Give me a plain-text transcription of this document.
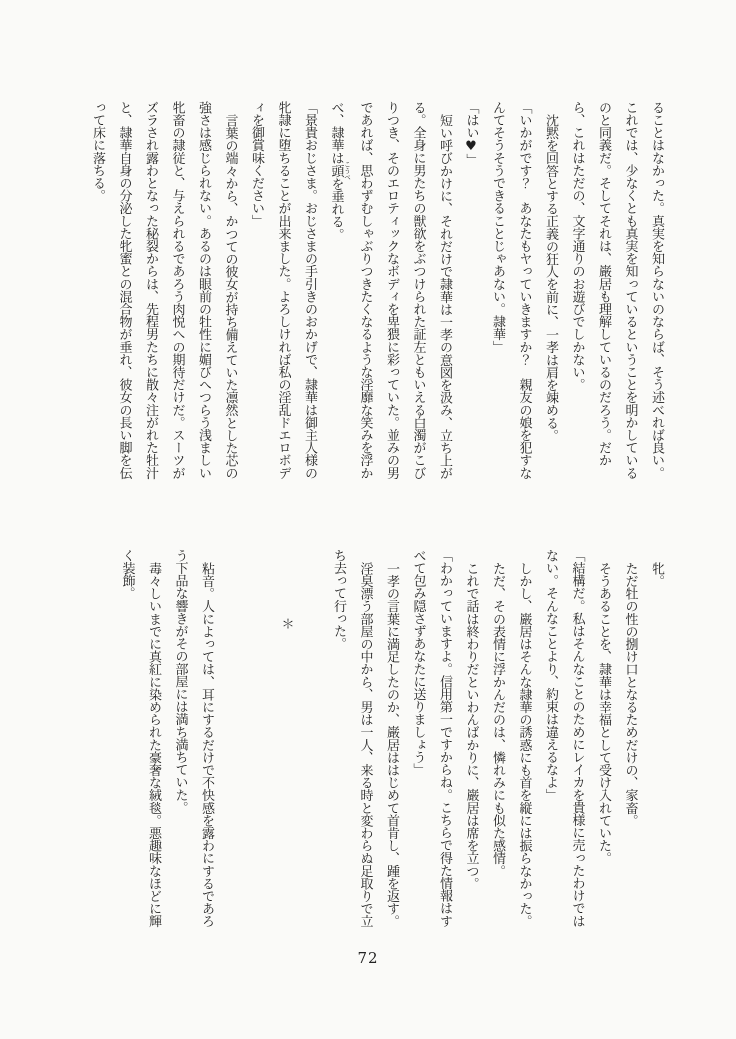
ることはなかった。真実を知らないのならば、そう述べれば良い。

これでは、少なくとも真実を知っているということを明かしている

のと同義だ。そしてそれは、巌居も理解しているのだろう。だか

ら、これはただの、文字通りのお遊びでしかない。

沈黙を回答とする正義の狂人を前に、一孝は肩を竦める。

「いかがです？　あなたもヤっていきますか？　親友の娘を犯すな

んてそうそうできることじゃあない。隷華」

「はい♥」

短い呼びかけに、それだけで隷華は一孝の意図を汲み、立ち上が

る。全身に男たちの獣欲をぶつけられた証左ともいえる白濁がこび

りつき、そのエロティックなボディを卑猥に彩っていた。並みの男

であれば、思わずむしゃぶりつきたくなるような淫靡な笑みを浮か

べ、隷華は頭 こうべを垂れる。

「景貴おじさま。おじさまの手引きのおかげで、隷華は御主人様の

牝隷に堕ちることが出来ました。よろしければ私の淫乱ドエロボデ

ィを御賞味ください」

言葉の端々から、かつての彼女が持ち備えていた凛然とした芯の

強さは感じられない。あるのは眼前の牡性に媚びへつらう浅ましい

牝畜の隷従と、与えられるであろう肉悦への期待だけだ。スーツが

ズラされ露わとなった秘裂からは、先程男たちに散々注がれた牡汁

と、隷華自身の分泌した牝蜜との混合物が垂れ、彼女の長い脚を伝

って床に落ちる。

牝。

ただ牡の性の捌け口となるためだけの、家畜。

そうあることを、隷華は幸福として受け入れていた。

「結構だ。私はそんなことのためにレイカを貴様に売ったわけでは

ない。そんなことより、約束は違えるなよ」

しかし、巌居はそんな隷華の誘惑にも首を縦には振らなかった。

ただ、その表情に浮かんだのは、憐れみにも似た感情。

これで話は終わりだといわんばかりに、巌居は席を立つ。

「わかっていますよ。信用第一ですからね。こちらで得た情報はす

べて包み隠さずあなたに送りましょう」

一孝の言葉に満足したのか、巌居ははじめて首肯し、踵を返す。

淫臭漂う部屋の中から、男は一人、来る時と変わらぬ足取りで立

ち去って行った。

＊

粘音。人によっては、耳にするだけで不快感を露わにするであろ

う下品な響きがその部屋には満ち満ちていた。

毒々しいまでに真紅に染められた豪奢な絨毯。悪趣味なほどに輝

く装飾。

72
